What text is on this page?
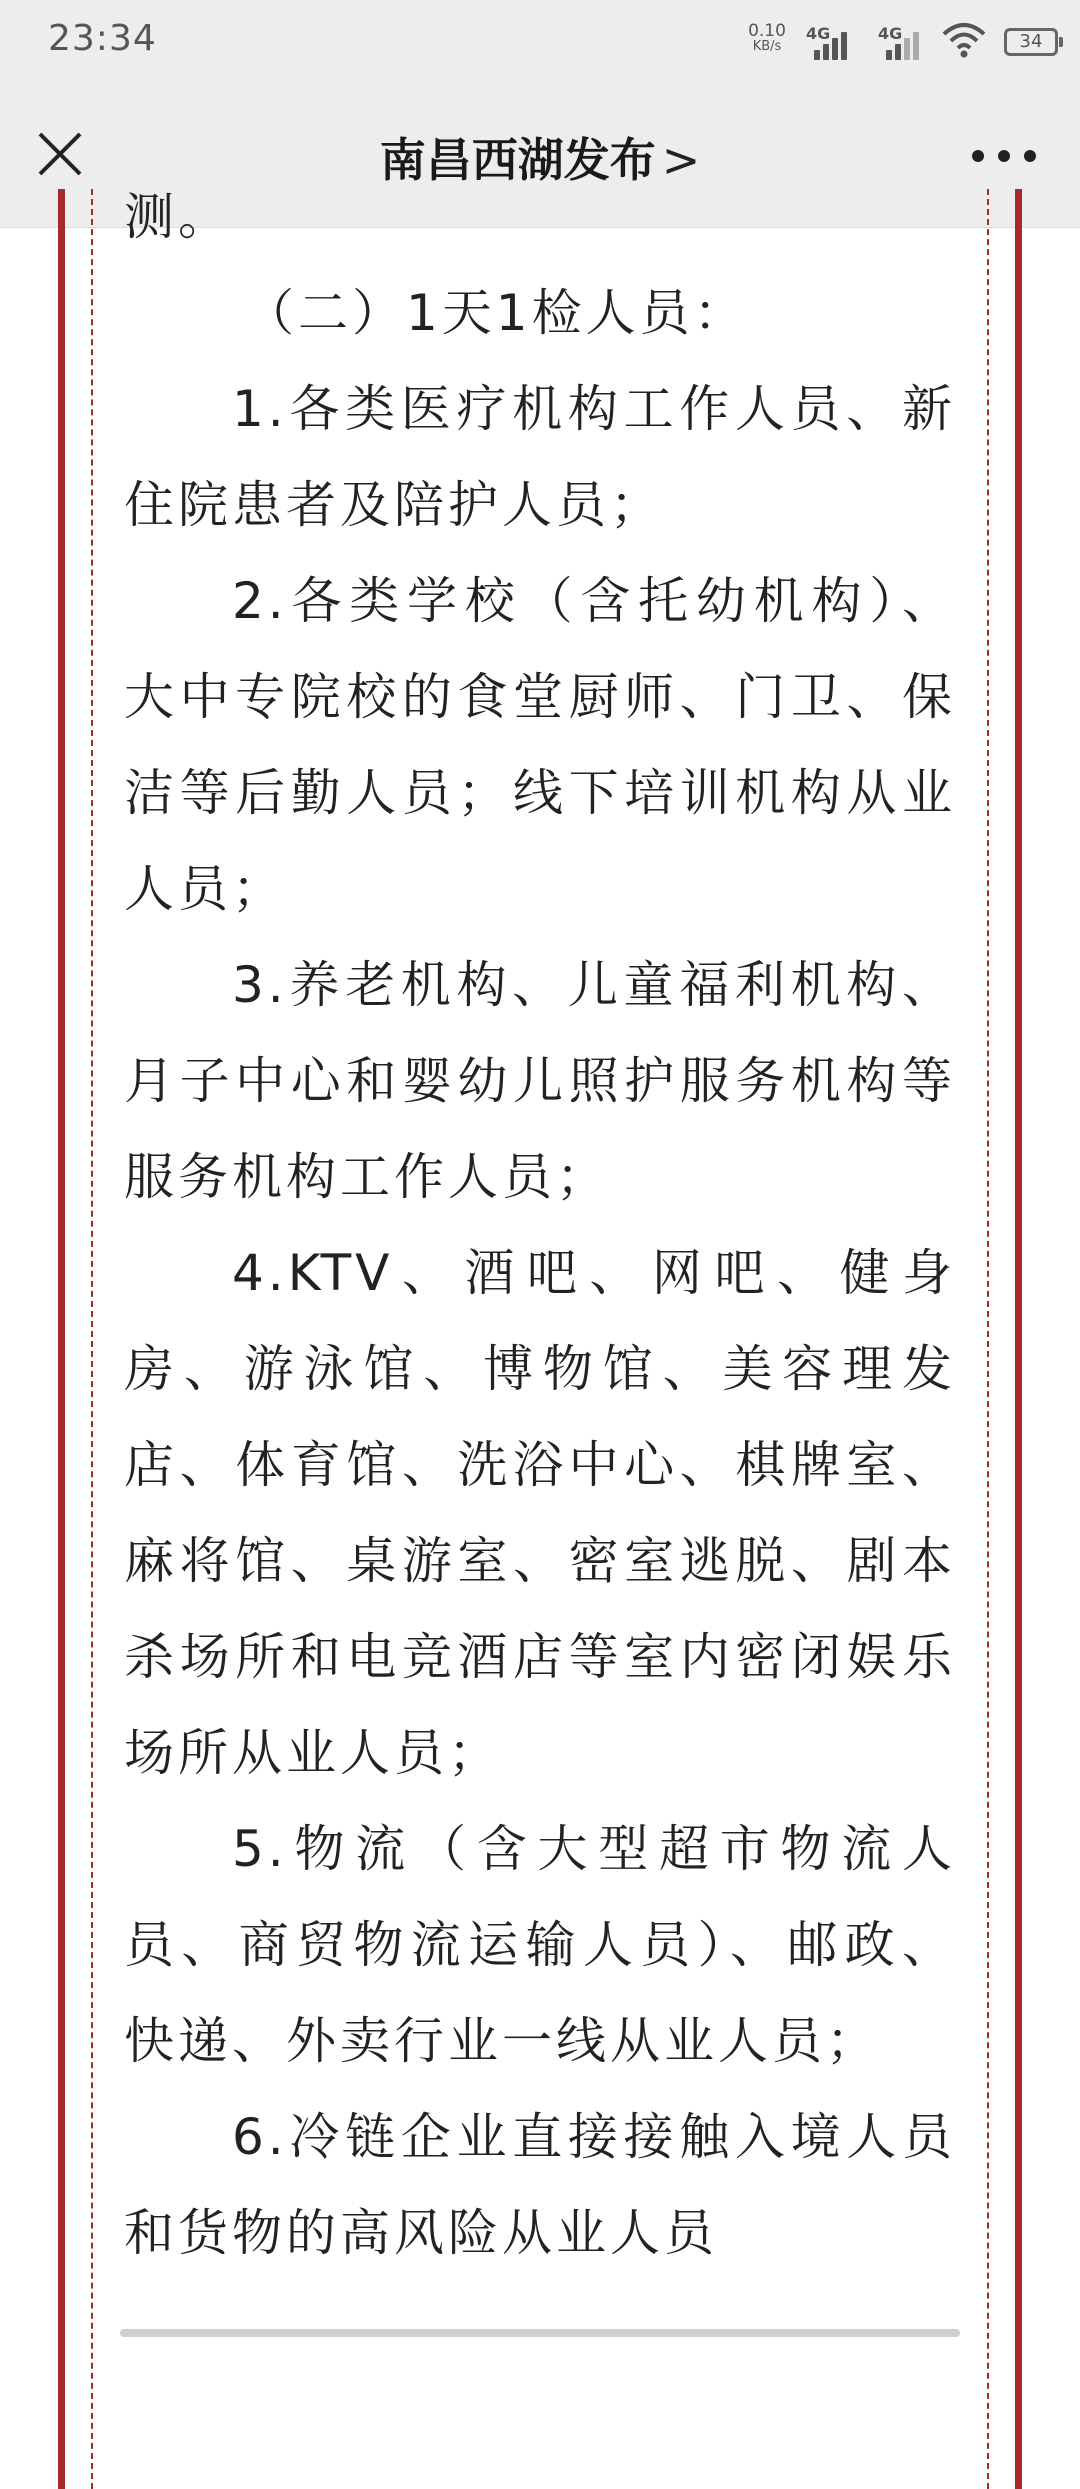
23:34	0.10
KB/s
4G	4G	34
南昌西湖发布 >

测。

（二）1天1检人员：

1.各类医疗机构工作人员、新住院患者及陪护人员；

2.各类学校（含托幼机构）、大中专院校的食堂厨师、门卫、保洁等后勤人员；线下培训机构从业人员；

3.养老机构、儿童福利机构、月子中心和婴幼儿照护服务机构等服务机构工作人员；

4.KTV、酒吧、网吧、健身房、游泳馆、博物馆、美容理发店、体育馆、洗浴中心、棋牌室、麻将馆、桌游室、密室逃脱、剧本杀场所和电竞酒店等室内密闭娱乐场所从业人员；

5.物流（含大型超市物流人员、商贸物流运输人员）、邮政、快递、外卖行业一线从业人员；

6.冷链企业直接接触入境人员和货物的高风险从业人员
